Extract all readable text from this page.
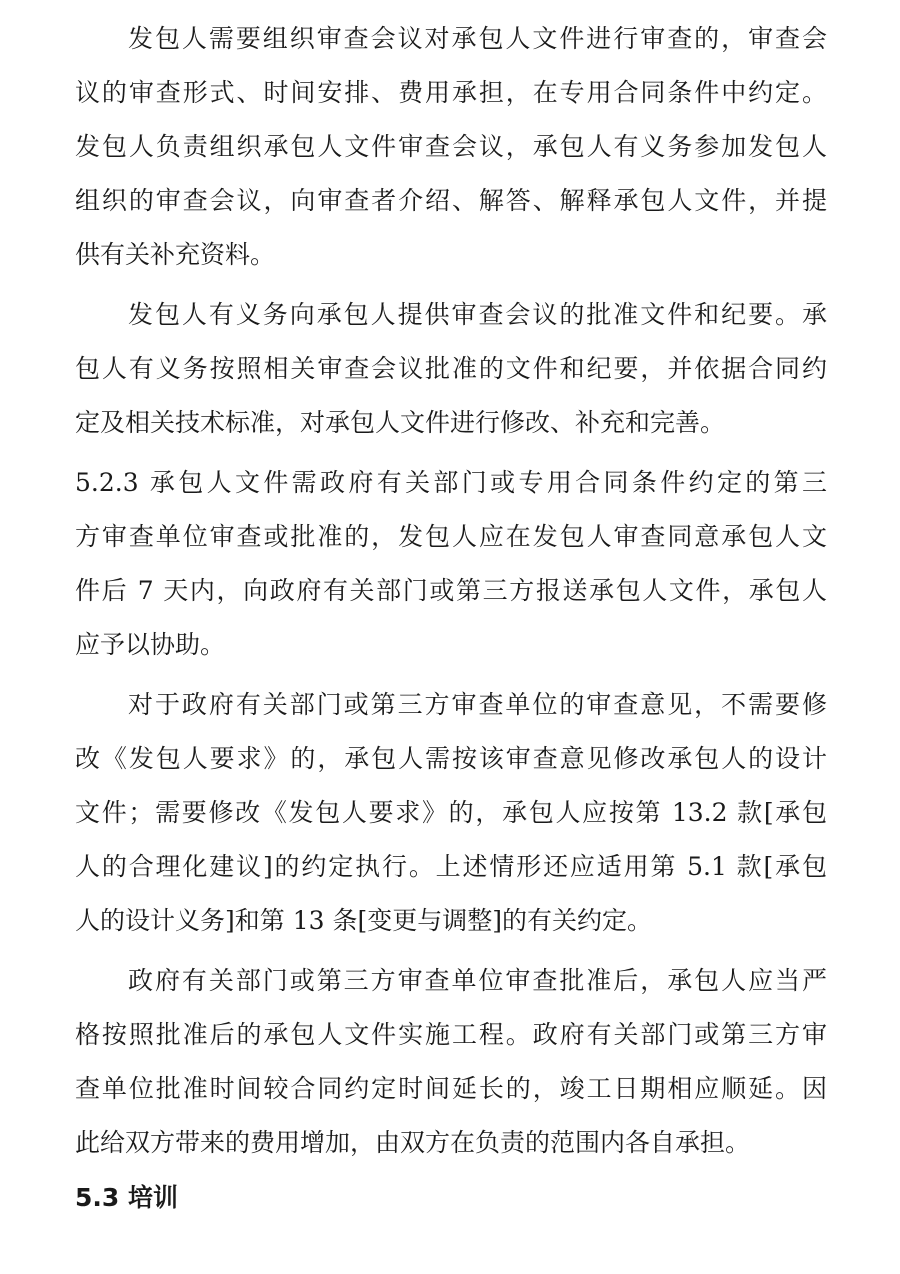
发包人需要组织审查会议对承包人文件进行审查的，审查会
议的审查形式、时间安排、费用承担，在专用合同条件中约定。
发包人负责组织承包人文件审查会议，承包人有义务参加发包人
组织的审查会议，向审查者介绍、解答、解释承包人文件，并提
供有关补充资料。
发包人有义务向承包人提供审查会议的批准文件和纪要。承
包人有义务按照相关审查会议批准的文件和纪要，并依据合同约
定及相关技术标准，对承包人文件进行修改、补充和完善。
5.2.3 承包人文件需政府有关部门或专用合同条件约定的第三
方审查单位审查或批准的，发包人应在发包人审查同意承包人文
件后 7 天内，向政府有关部门或第三方报送承包人文件，承包人
应予以协助。
对于政府有关部门或第三方审查单位的审查意见，不需要修
改《发包人要求》的，承包人需按该审查意见修改承包人的设计
文件；需要修改《发包人要求》的，承包人应按第 13.2 款[承包
人的合理化建议]的约定执行。上述情形还应适用第 5.1 款[承包
人的设计义务]和第 13 条[变更与调整]的有关约定。
政府有关部门或第三方审查单位审查批准后，承包人应当严
格按照批准后的承包人文件实施工程。政府有关部门或第三方审
查单位批准时间较合同约定时间延长的，竣工日期相应顺延。因
此给双方带来的费用增加，由双方在负责的范围内各自承担。
5.3 培训
